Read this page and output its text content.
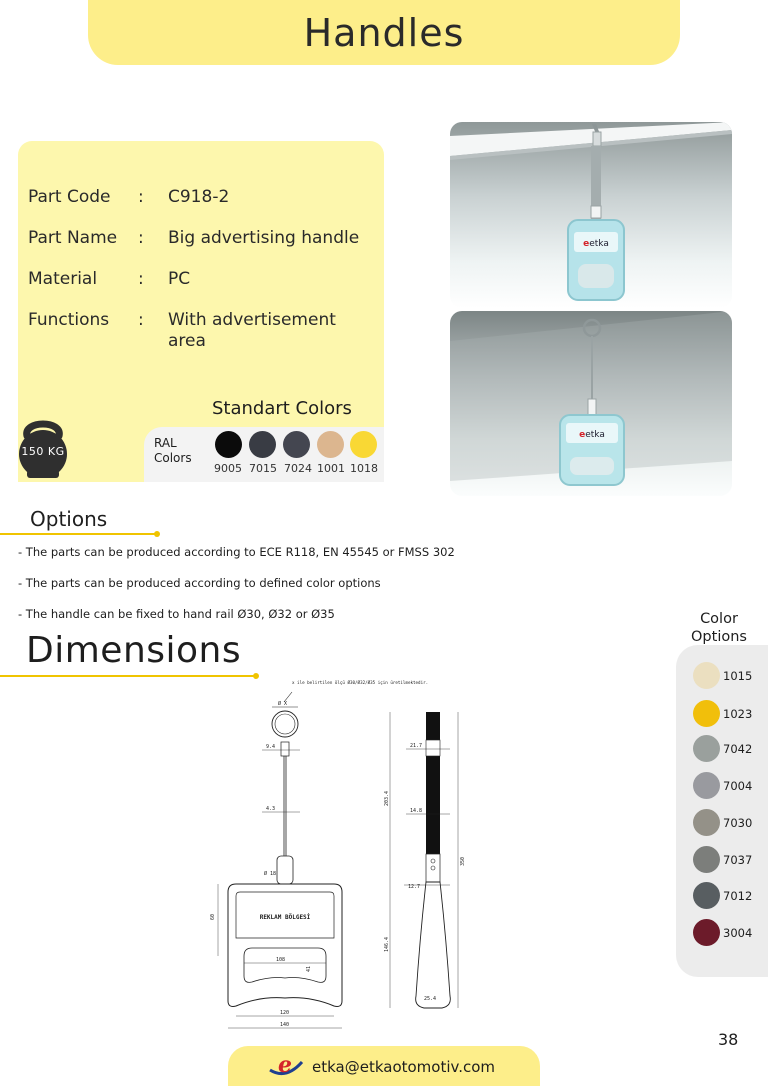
Handles
Part Code	: C918-2
Part Name	: Big advertising handle
Material	: PC
Functions	: With advertisement area
150 KG
Standart Colors
RAL Colors
9005 7015 7024 1001 1018
eetka
eetka
Options
- The parts can be produced according to ECE R118, EN 45545 or FMSS 302
- The parts can be produced according to defined color options
- The handle can be fixed to hand rail Ø30, Ø32 or Ø35
Dimensions
x ile belirtilen ölçü Ø30/Ø32/Ø35 için üretilmektedir.
Ø X
9.4
4.3
Ø 18
REKLAM BÖLGESİ
60
108
41
120
140
21.7
14.8
12.7
25.4
203.4
146.4
350
Color Options
1015
1023
7042
7004
7030
7037
7012
3004
38
e etka@etkaotomotiv.com
